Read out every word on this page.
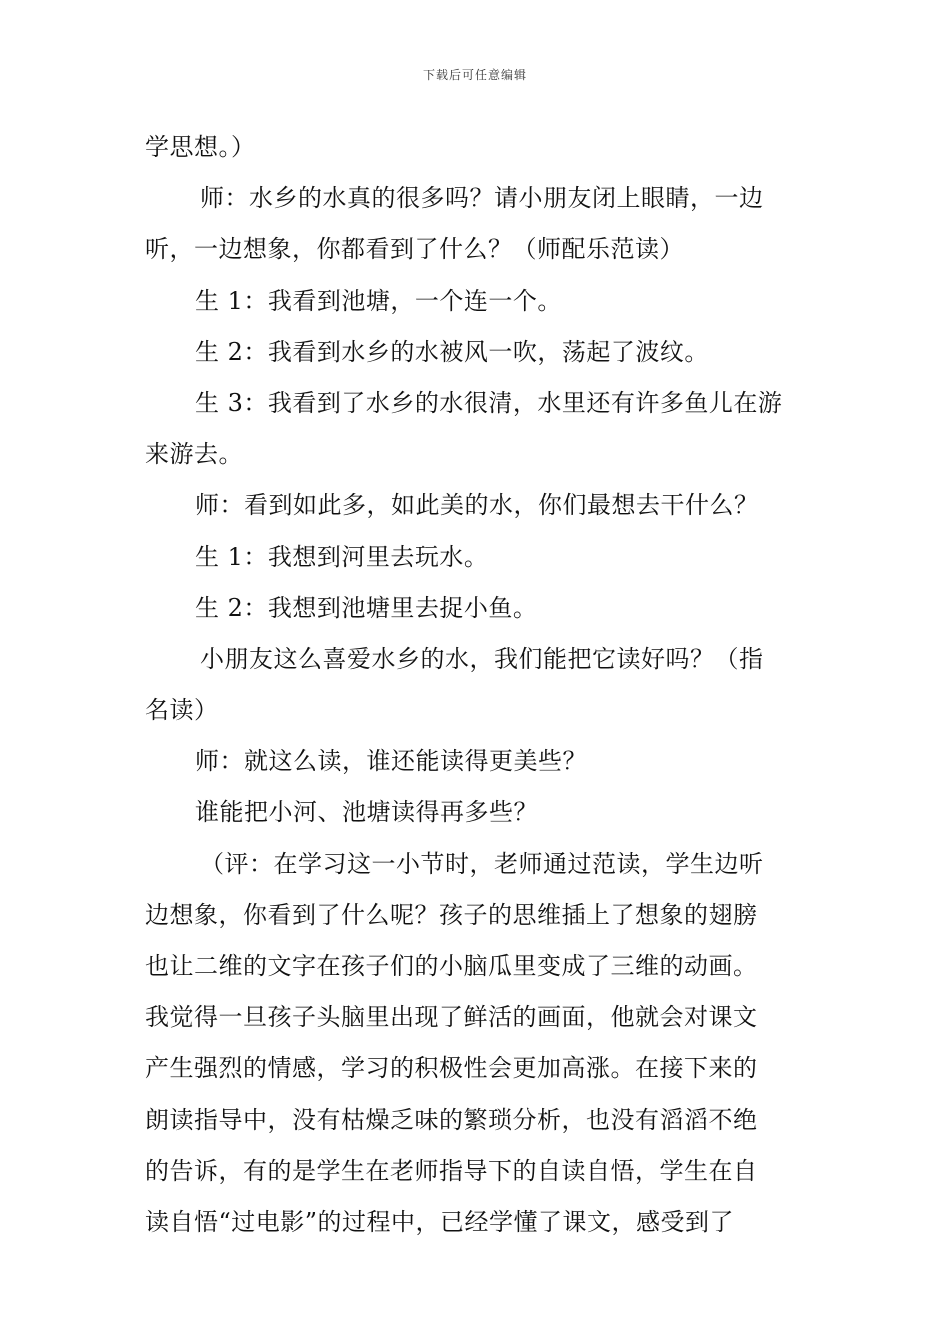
下载后可任意编辑
学思想。）
师：水乡的水真的很多吗？请小朋友闭上眼睛，一边
听，一边想象，你都看到了什么？（师配乐范读）
生 1：我看到池塘，一个连一个。
生 2：我看到水乡的水被风一吹，荡起了波纹。
生 3：我看到了水乡的水很清，水里还有许多鱼儿在游
来游去。
师：看到如此多，如此美的水，你们最想去干什么？
生 1：我想到河里去玩水。
生 2：我想到池塘里去捉小鱼。
小朋友这么喜爱水乡的水，我们能把它读好吗？（指
名读）
师：就这么读，谁还能读得更美些？
谁能把小河、池塘读得再多些？
（评：在学习这一小节时，老师通过范读，学生边听
边想象，你看到了什么呢？孩子的思维插上了想象的翅膀
也让二维的文字在孩子们的小脑瓜里变成了三维的动画。
我觉得一旦孩子头脑里出现了鲜活的画面，他就会对课文
产生强烈的情感，学习的积极性会更加高涨。在接下来的
朗读指导中，没有枯燥乏味的繁琐分析，也没有滔滔不绝
的告诉，有的是学生在老师指导下的自读自悟，学生在自
读自悟“过电影”的过程中，已经学懂了课文，感受到了
